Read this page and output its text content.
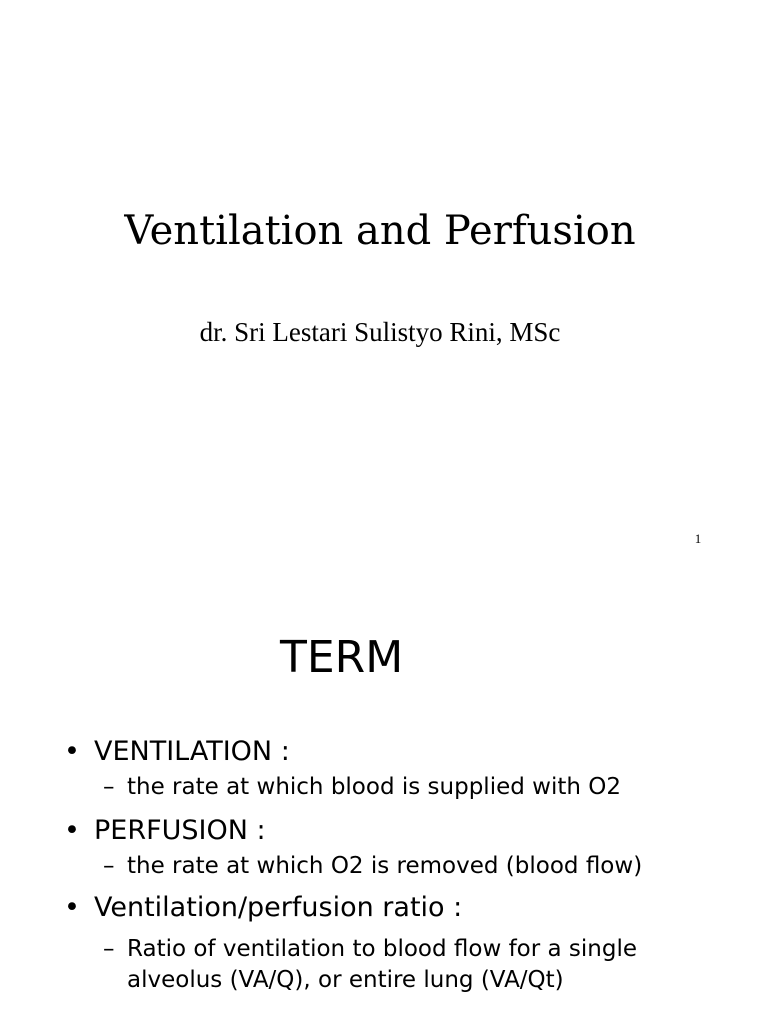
Ventilation and Perfusion
dr. Sri Lestari Sulistyo Rini, MSc
1
TERM
• VENTILATION :
– the rate at which blood is supplied with O2
• PERFUSION :
– the rate at which O2 is removed (blood flow)
• Ventilation/perfusion ratio :
– Ratio of ventilation to blood flow for a single alveolus (VA/Q), or entire lung (VA/Qt)
